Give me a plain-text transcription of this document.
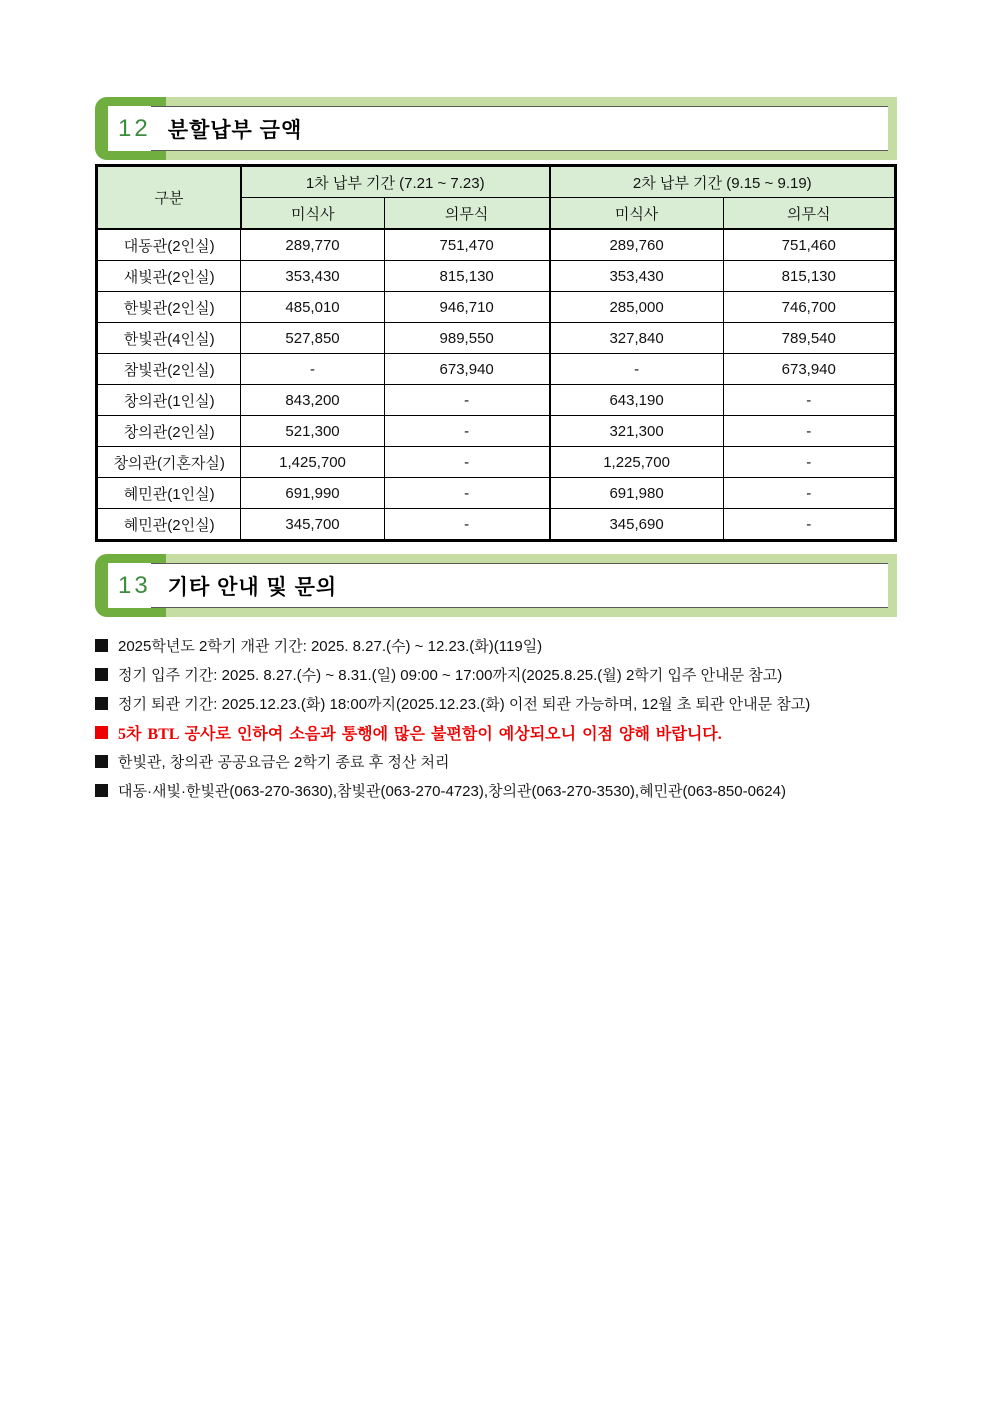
12 분할납부 금액
구분	1차 납부 기간 (7.21 ~ 7.23)		2차 납부 기간 (9.15 ~ 9.19)	
	미식사	의무식	미식사	의무식
대동관(2인실)	289,770	751,470	289,760	751,460
새빛관(2인실)	353,430	815,130	353,430	815,130
한빛관(2인실)	485,010	946,710	285,000	746,700
한빛관(4인실)	527,850	989,550	327,840	789,540
참빛관(2인실)	-	673,940	-	673,940
창의관(1인실)	843,200	-	643,190	-
창의관(2인실)	521,300	-	321,300	-
창의관(기혼자실)	1,425,700	-	1,225,700	-
혜민관(1인실)	691,990	-	691,980	-
혜민관(2인실)	345,700	-	345,690	-
13 기타 안내 및 문의
2025학년도 2학기 개관 기간: 2025. 8.27.(수) ~ 12.23.(화)(119일)
정기 입주 기간: 2025. 8.27.(수) ~ 8.31.(일) 09:00 ~ 17:00까지(2025.8.25.(월) 2학기 입주 안내문 참고)
정기 퇴관 기간: 2025.12.23.(화) 18:00까지(2025.12.23.(화) 이전 퇴관 가능하며, 12월 초 퇴관 안내문 참고)
5차 BTL 공사로 인하여 소음과 통행에 많은 불편함이 예상되오니 이점 양해 바랍니다.
한빛관, 창의관 공공요금은 2학기 종료 후 정산 처리
대동·새빛·한빛관(063-270-3630),참빛관(063-270-4723),창의관(063-270-3530),혜민관(063-850-0624)
